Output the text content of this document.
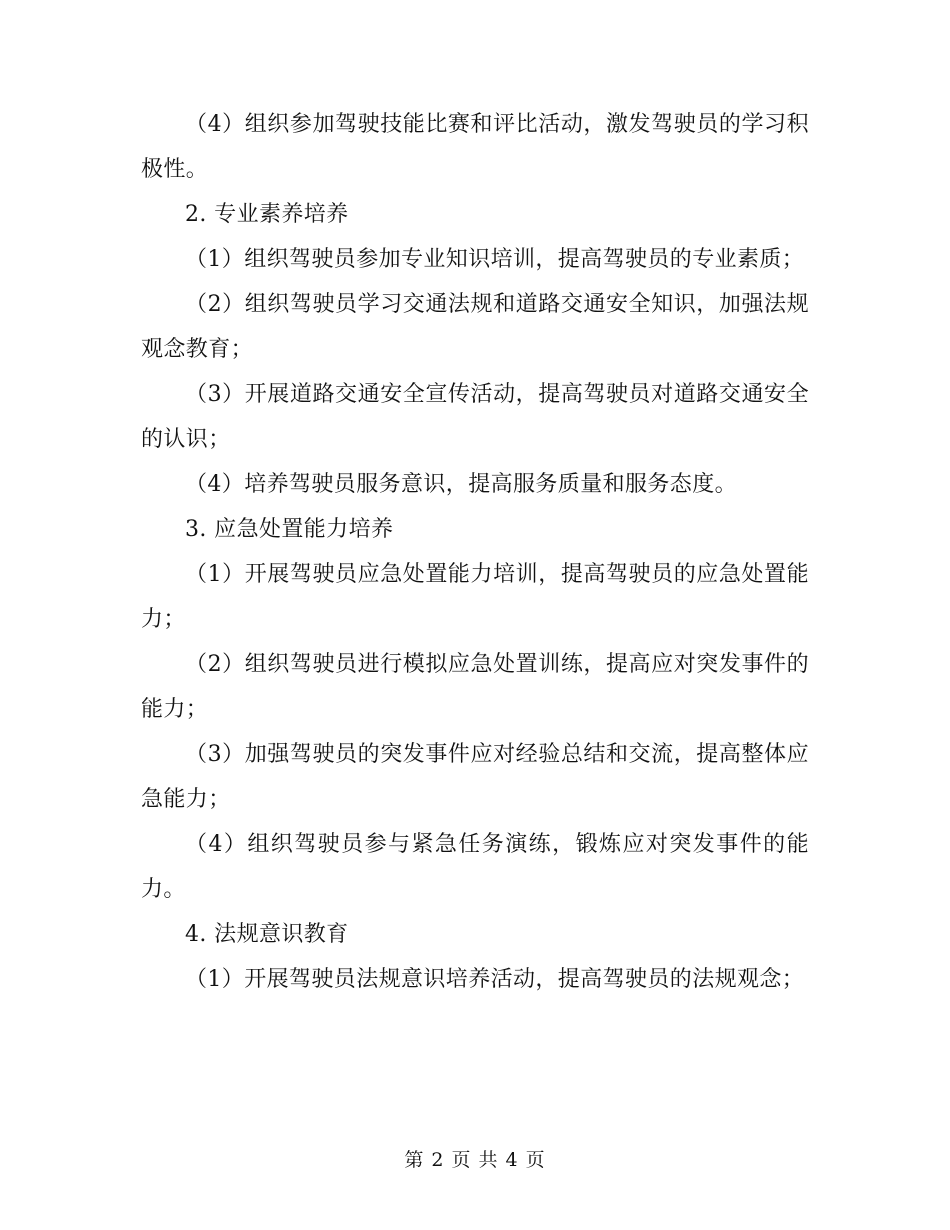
（4）组织参加驾驶技能比赛和评比活动，激发驾驶员的学习积极性。

2. 专业素养培养

（1）组织驾驶员参加专业知识培训，提高驾驶员的专业素质；

（2）组织驾驶员学习交通法规和道路交通安全知识，加强法规观念教育；

（3）开展道路交通安全宣传活动，提高驾驶员对道路交通安全的认识；

（4）培养驾驶员服务意识，提高服务质量和服务态度。

3. 应急处置能力培养

（1）开展驾驶员应急处置能力培训，提高驾驶员的应急处置能力；

（2）组织驾驶员进行模拟应急处置训练，提高应对突发事件的能力；

（3）加强驾驶员的突发事件应对经验总结和交流，提高整体应急能力；

（4）组织驾驶员参与紧急任务演练，锻炼应对突发事件的能力。

4. 法规意识教育

（1）开展驾驶员法规意识培养活动，提高驾驶员的法规观念；

第 2 页 共 4 页
